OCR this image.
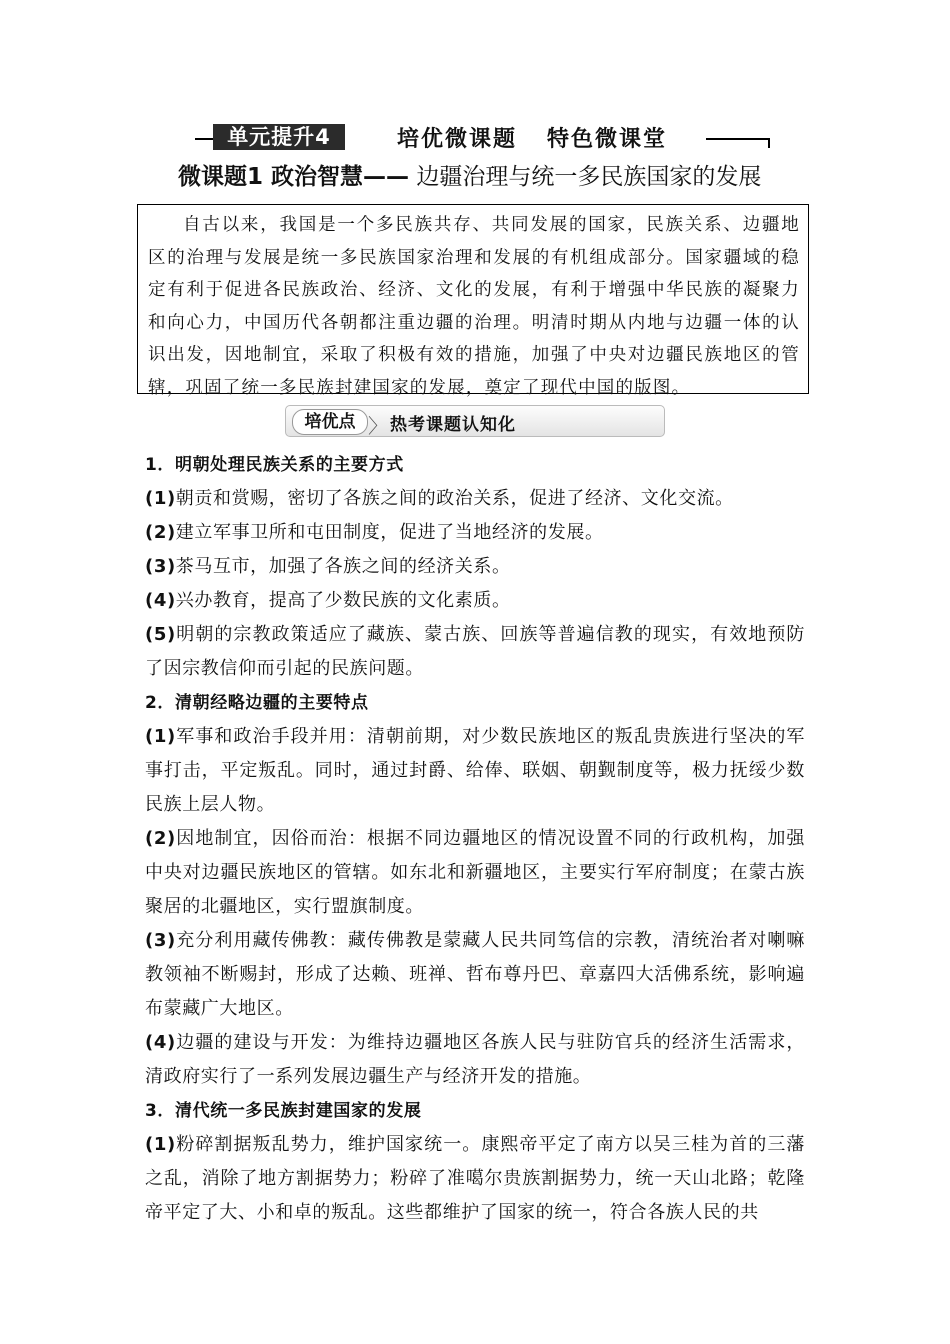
单元提升4	培优微课题 特色微课堂
微课题1 政治智慧—— 边疆治理与统一多民族国家的发展
自古以来，我国是一个多民族共存、共同发展的国家，民族关系、边疆地区的治理与发展是统一多民族国家治理和发展的有机组成部分。国家疆域的稳定有利于促进各民族政治、经济、文化的发展，有利于增强中华民族的凝聚力和向心力，中国历代各朝都注重边疆的治理。明清时期从内地与边疆一体的认识出发，因地制宜，采取了积极有效的措施，加强了中央对边疆民族地区的管辖，巩固了统一多民族封建国家的发展，奠定了现代中国的版图。
培优点 〉 热考课题认知化

1．明朝处理民族关系的主要方式

(1)朝贡和赏赐，密切了各族之间的政治关系，促进了经济、文化交流。

(2)建立军事卫所和屯田制度，促进了当地经济的发展。

(3)茶马互市，加强了各族之间的经济关系。

(4)兴办教育，提高了少数民族的文化素质。

(5)明朝的宗教政策适应了藏族、蒙古族、回族等普遍信教的现实，有效地预防了因宗教信仰而引起的民族问题。

2．清朝经略边疆的主要特点

(1)军事和政治手段并用：清朝前期，对少数民族地区的叛乱贵族进行坚决的军事打击，平定叛乱。同时，通过封爵、给俸、联姻、朝觐制度等，极力抚绥少数民族上层人物。

(2)因地制宜，因俗而治：根据不同边疆地区的情况设置不同的行政机构，加强中央对边疆民族地区的管辖。如东北和新疆地区，主要实行军府制度；在蒙古族聚居的北疆地区，实行盟旗制度。

(3)充分利用藏传佛教：藏传佛教是蒙藏人民共同笃信的宗教，清统治者对喇嘛教领袖不断赐封，形成了达赖、班禅、哲布尊丹巴、章嘉四大活佛系统，影响遍布蒙藏广大地区。

(4)边疆的建设与开发：为维持边疆地区各族人民与驻防官兵的经济生活需求，清政府实行了一系列发展边疆生产与经济开发的措施。

3．清代统一多民族封建国家的发展

(1)粉碎割据叛乱势力，维护国家统一。康熙帝平定了南方以吴三桂为首的三藩之乱，消除了地方割据势力；粉碎了准噶尔贵族割据势力，统一天山北路；乾隆帝平定了大、小和卓的叛乱。这些都维护了国家的统一，符合各族人民的共
